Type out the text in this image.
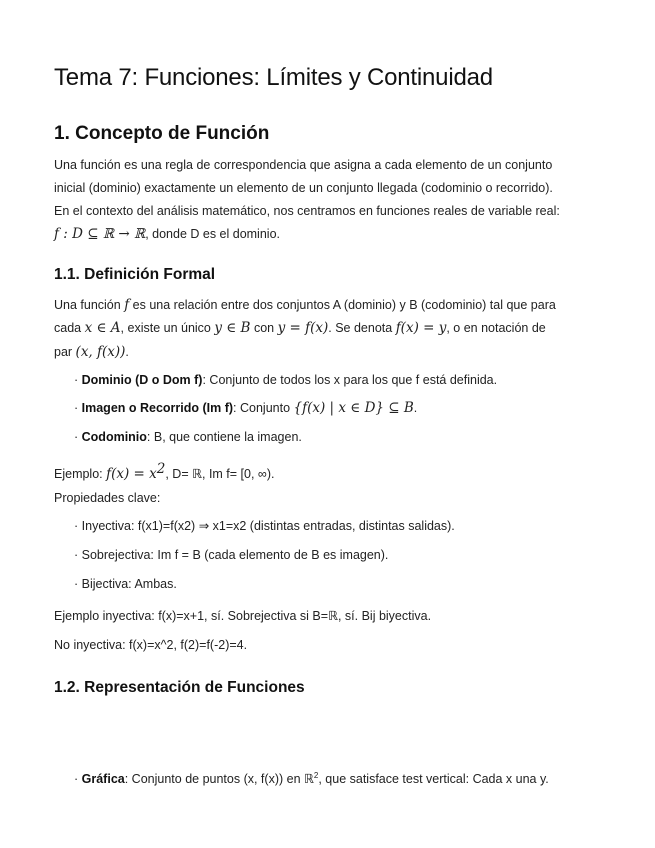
Tema 7: Funciones: Límites y Continuidad
1. Concepto de Función
Una función es una regla de correspondencia que asigna a cada elemento de un conjunto
inicial (dominio) exactamente un elemento de un conjunto llegada (codominio o recorrido).
En el contexto del análisis matemático, nos centramos en funciones reales de variable real:
f : D ⊆ ℝ → ℝ, donde D es el dominio.
1.1. Definición Formal
Una función f es una relación entre dos conjuntos A (dominio) y B (codominio) tal que para
cada x ∈ A, existe un único y ∈ B con y = f(x). Se denota f(x) = y, o en notación de
par (x, f(x)).
· Dominio (D o Dom f): Conjunto de todos los x para los que f está definida.
· Imagen o Recorrido (Im f): Conjunto {f(x) | x ∈ D} ⊆ B.
· Codominio: B, que contiene la imagen.
Ejemplo: $f(x) = x^2$, D= ℝ, Im f= [0, ∞).
Propiedades clave:
· Inyectiva: f(x1)=f(x2) ⇒ x1=x2 (distintas entradas, distintas salidas).
· Sobrejectiva: Im f = B (cada elemento de B es imagen).
· Bijectiva: Ambas.
Ejemplo inyectiva: f(x)=x+1, sí. Sobrejectiva si B=ℝ, sí. Bij biyectiva.
No inyectiva: f(x)=x^2, f(2)=f(-2)=4.
1.2. Representación de Funciones
· Gráfica: Conjunto de puntos (x, f(x)) en ℝ$^2$, que satisface test vertical: Cada x una y.
